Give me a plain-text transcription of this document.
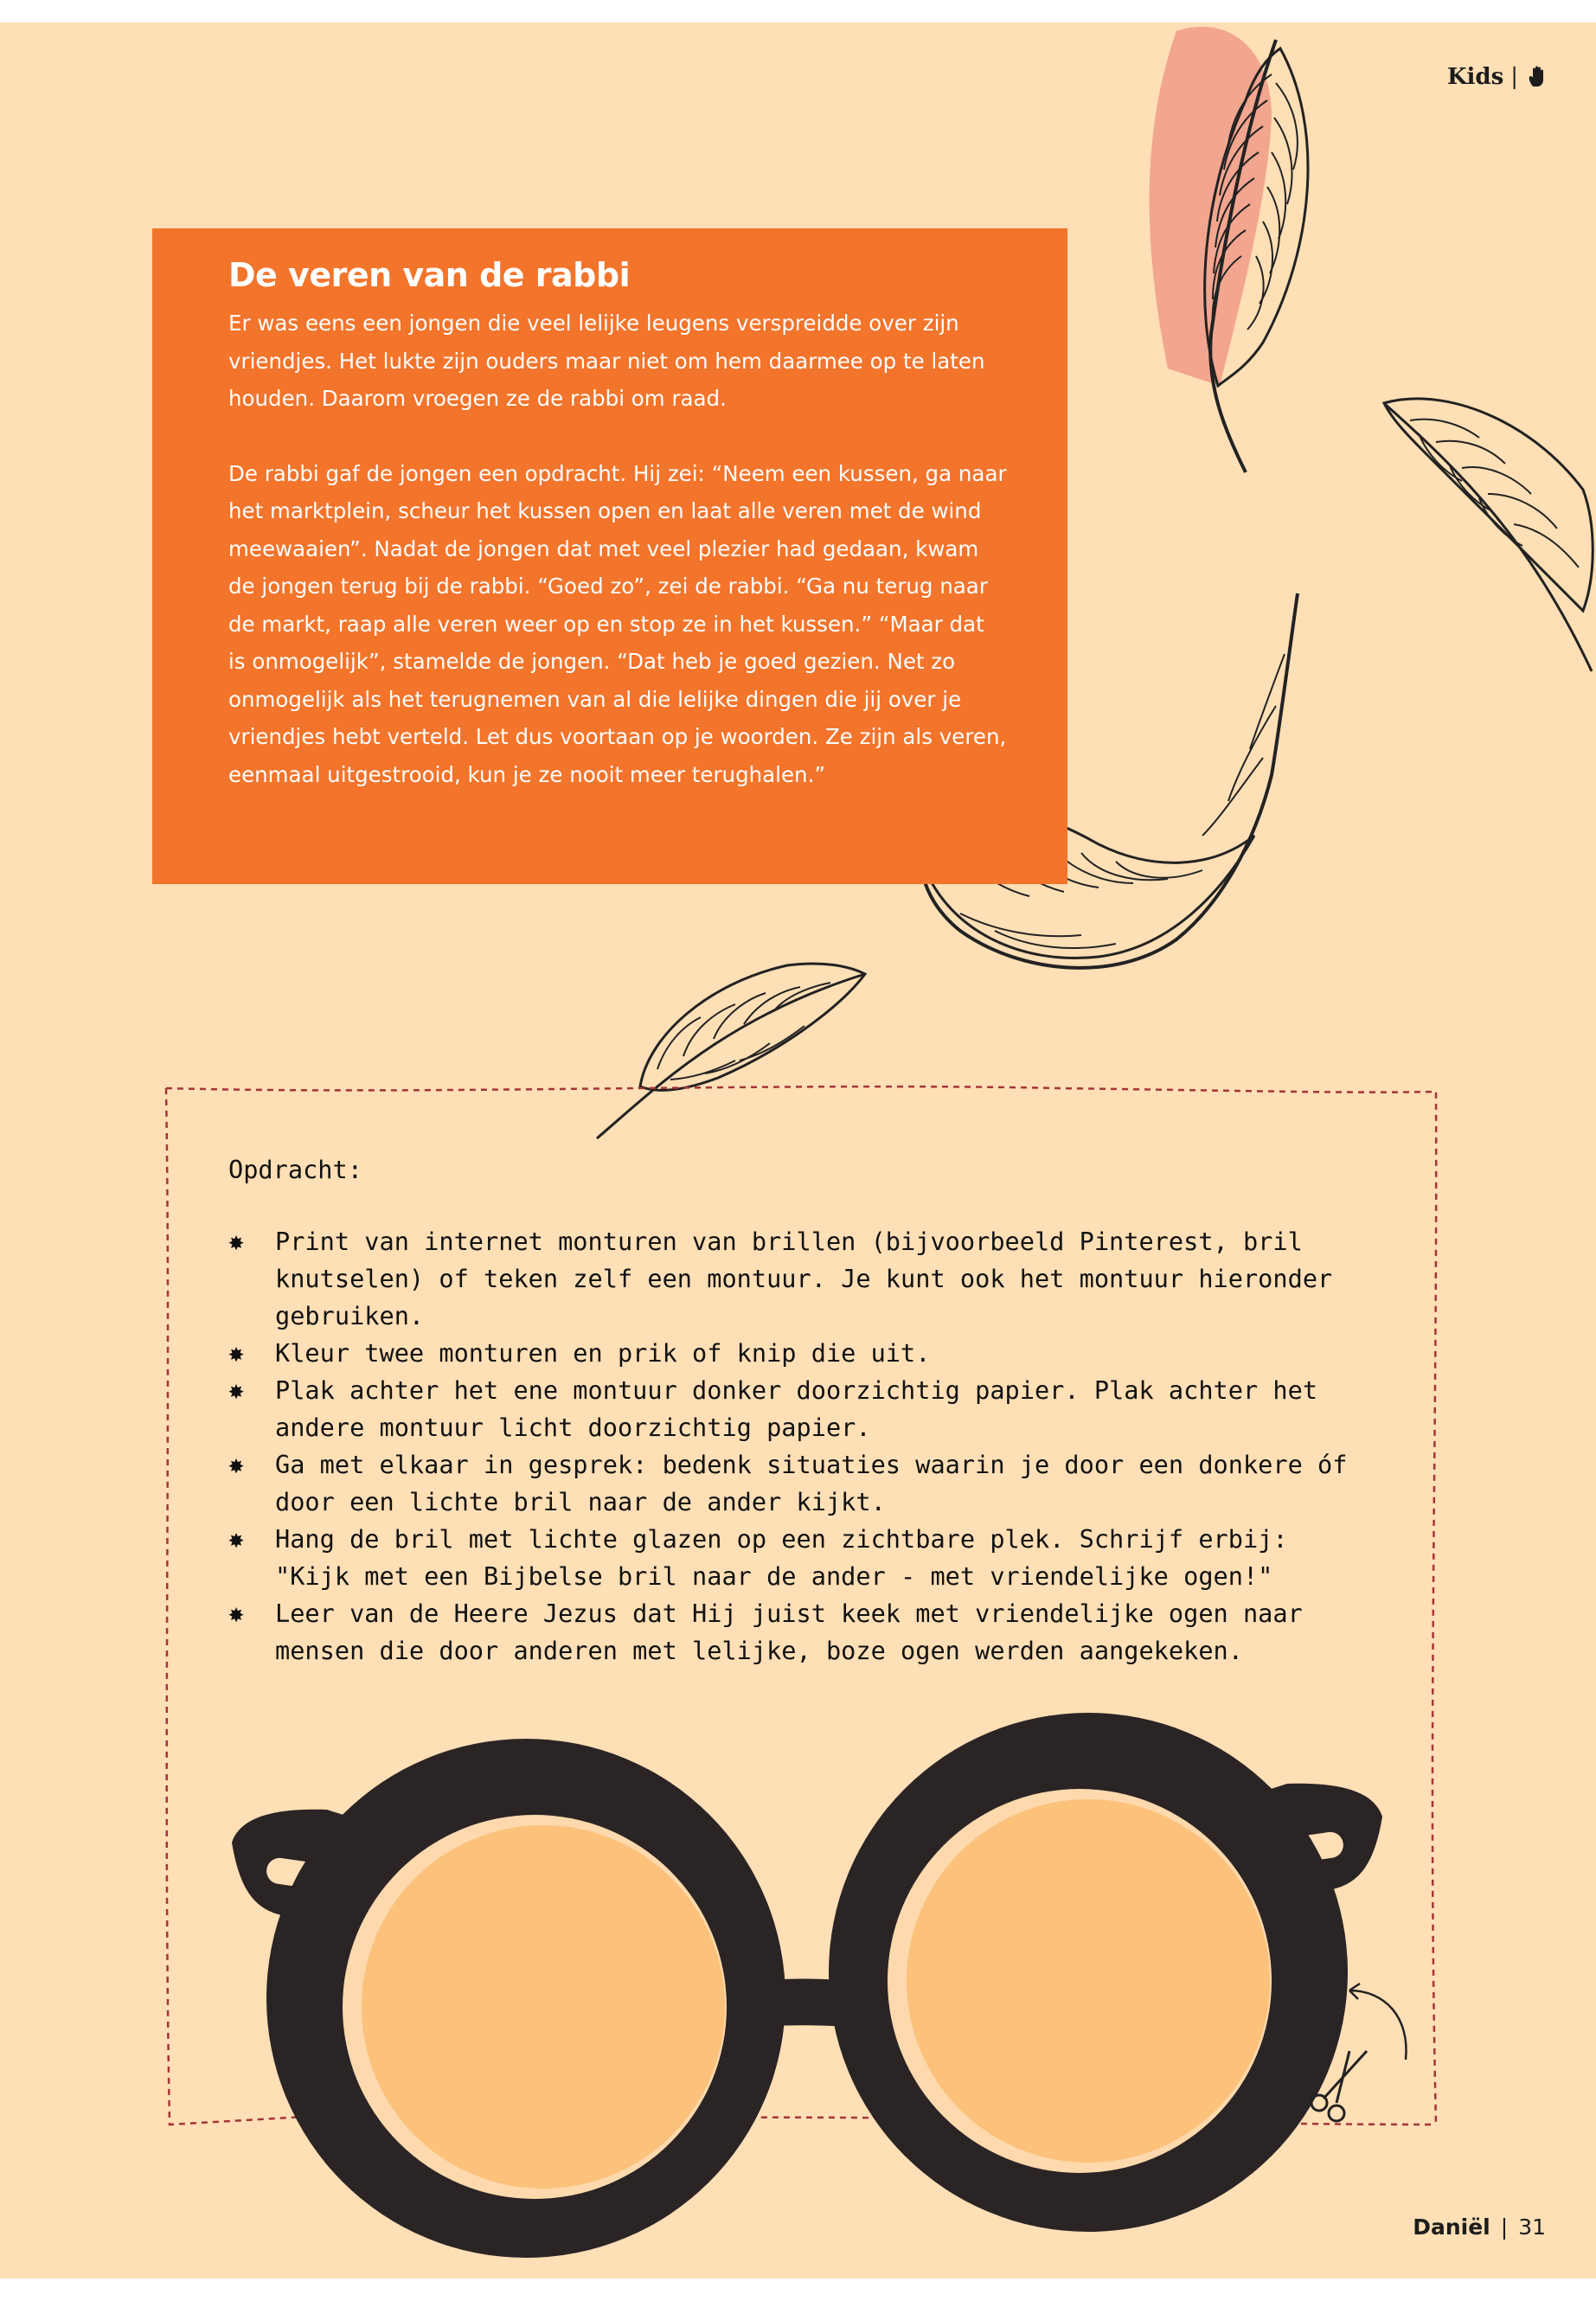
Kids |
De veren van de rabbi

Er was eens een jongen die veel lelijke leugens verspreidde over zijn vriendjes. Het lukte zijn ouders maar niet om hem daarmee op te laten houden. Daarom vroegen ze de rabbi om raad.

De rabbi gaf de jongen een opdracht. Hij zei: “Neem een kussen, ga naar het marktplein, scheur het kussen open en laat alle veren met de wind meewaaien”. Nadat de jongen dat met veel plezier had gedaan, kwam de jongen terug bij de rabbi. “Goed zo”, zei de rabbi. “Ga nu terug naar de markt, raap alle veren weer op en stop ze in het kussen.” “Maar dat is onmogelijk”, stamelde de jongen. “Dat heb je goed gezien. Net zo onmogelijk als het terugnemen van al die lelijke dingen die jij over je vriendjes hebt verteld. Let dus voortaan op je woorden. Ze zijn als veren, eenmaal uitgestrooid, kun je ze nooit meer terughalen.”

Opdracht:

✸ Print van internet monturen van brillen (bijvoorbeeld Pinterest, bril knutselen) of teken zelf een montuur. Je kunt ook het montuur hieronder gebruiken.
✸ Kleur twee monturen en prik of knip die uit.
✸ Plak achter het ene montuur donker doorzichtig papier. Plak achter het andere montuur licht doorzichtig papier.
✸ Ga met elkaar in gesprek: bedenk situaties waarin je door een donkere óf door een lichte bril naar de ander kijkt.
✸ Hang de bril met lichte glazen op een zichtbare plek. Schrijf erbij: "Kijk met een Bijbelse bril naar de ander - met vriendelijke ogen!"
✸ Leer van de Heere Jezus dat Hij juist keek met vriendelijke ogen naar mensen die door anderen met lelijke, boze ogen werden aangekeken.
Daniël | 31
